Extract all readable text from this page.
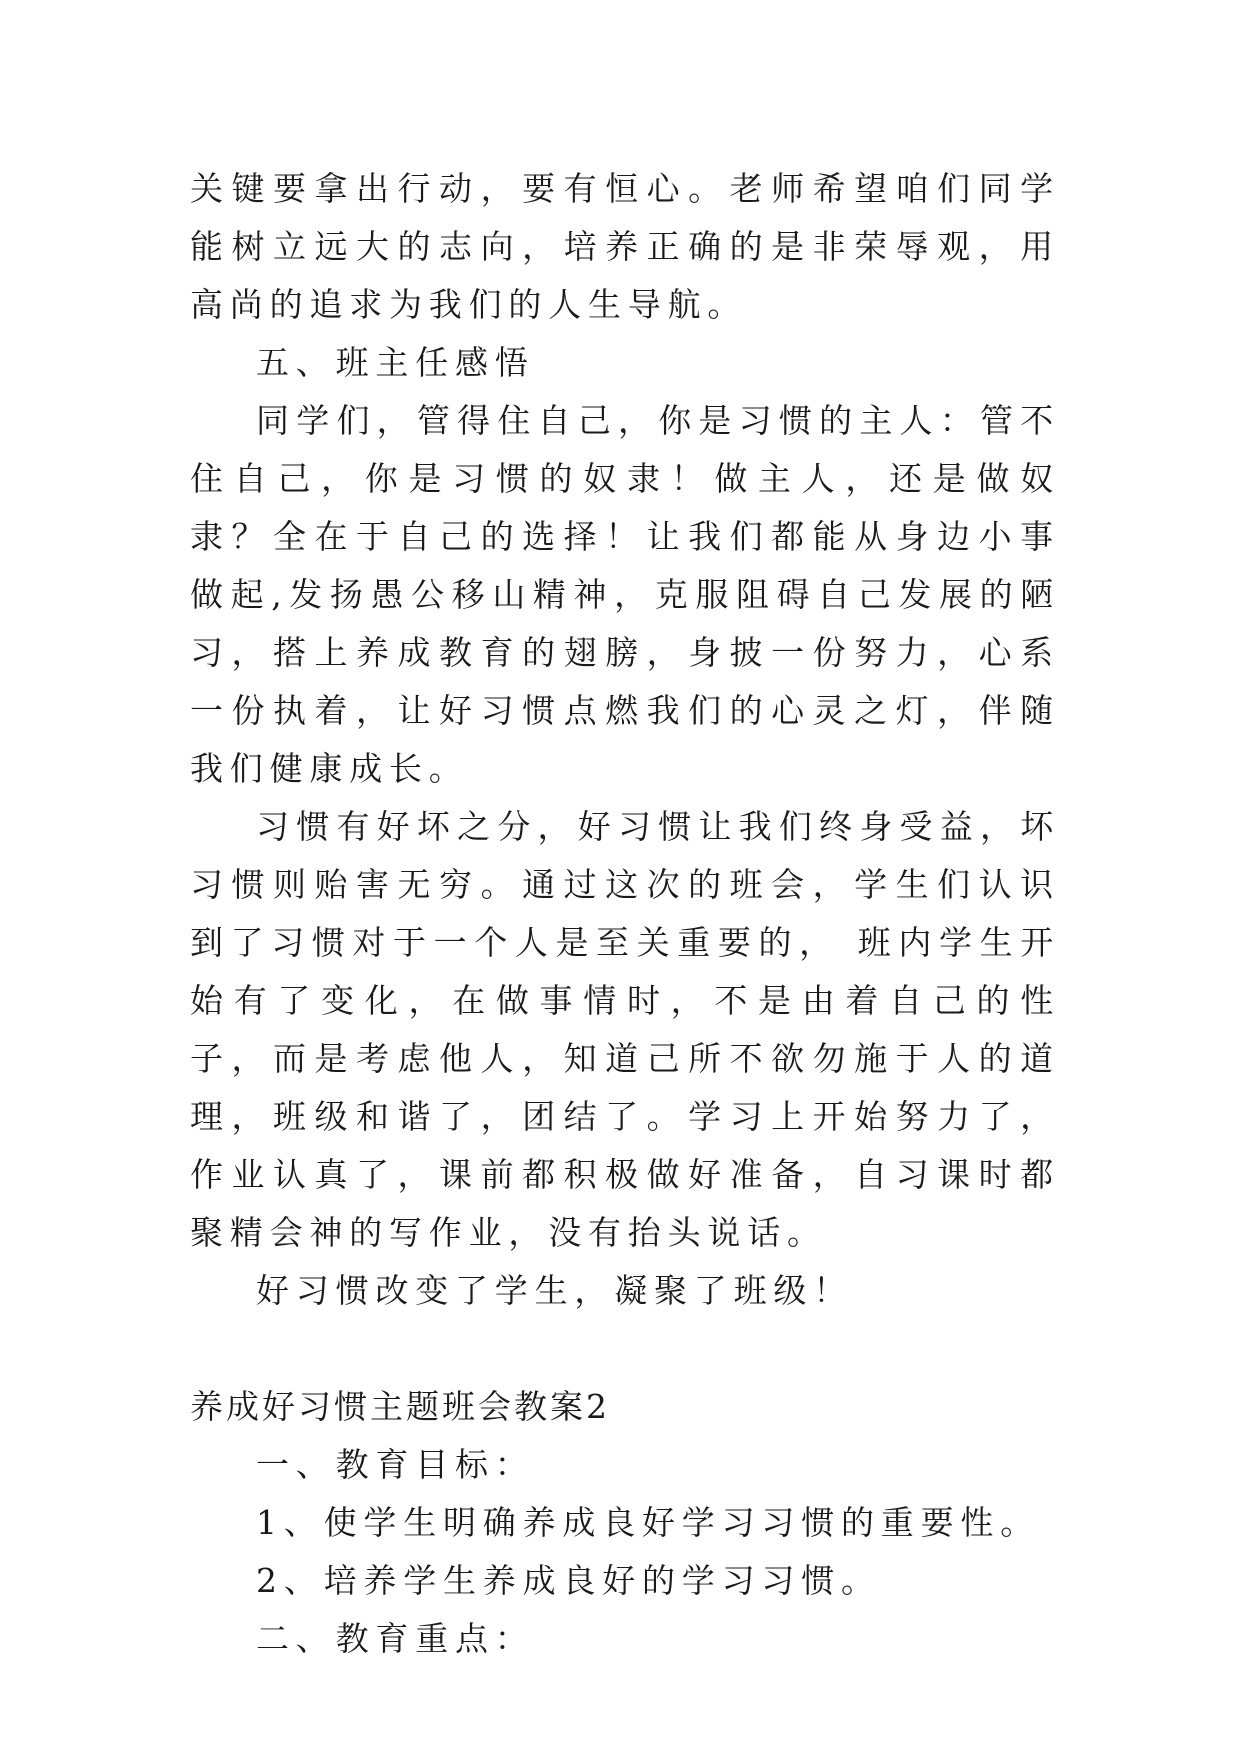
关键要拿出行动，要有恒心。老师希望咱们同学能树立远大的志向，培养正确的是非荣辱观，用高尚的追求为我们的人生导航。

五、班主任感悟

同学们，管得住自己，你是习惯的主人：管不住自己，你是习惯的奴隶！做主人，还是做奴隶？全在于自己的选择！让我们都能从身边小事做起,发扬愚公移山精神，克服阻碍自己发展的陋习，搭上养成教育的翅膀，身披一份努力，心系一份执着，让好习惯点燃我们的心灵之灯，伴随我们健康成长。

习惯有好坏之分，好习惯让我们终身受益，坏习惯则贻害无穷。通过这次的班会，学生们认识到了习惯对于一个人是至关重要的， 班内学生开始有了变化，在做事情时，不是由着自己的性子，而是考虑他人，知道己所不欲勿施于人的道理，班级和谐了，团结了。学习上开始努力了，作业认真了，课前都积极做好准备，自习课时都聚精会神的写作业，没有抬头说话。

好习惯改变了学生，凝聚了班级！

养成好习惯主题班会教案2

一、教育目标：

1、使学生明确养成良好学习习惯的重要性。

2、培养学生养成良好的学习习惯。

二、教育重点：
